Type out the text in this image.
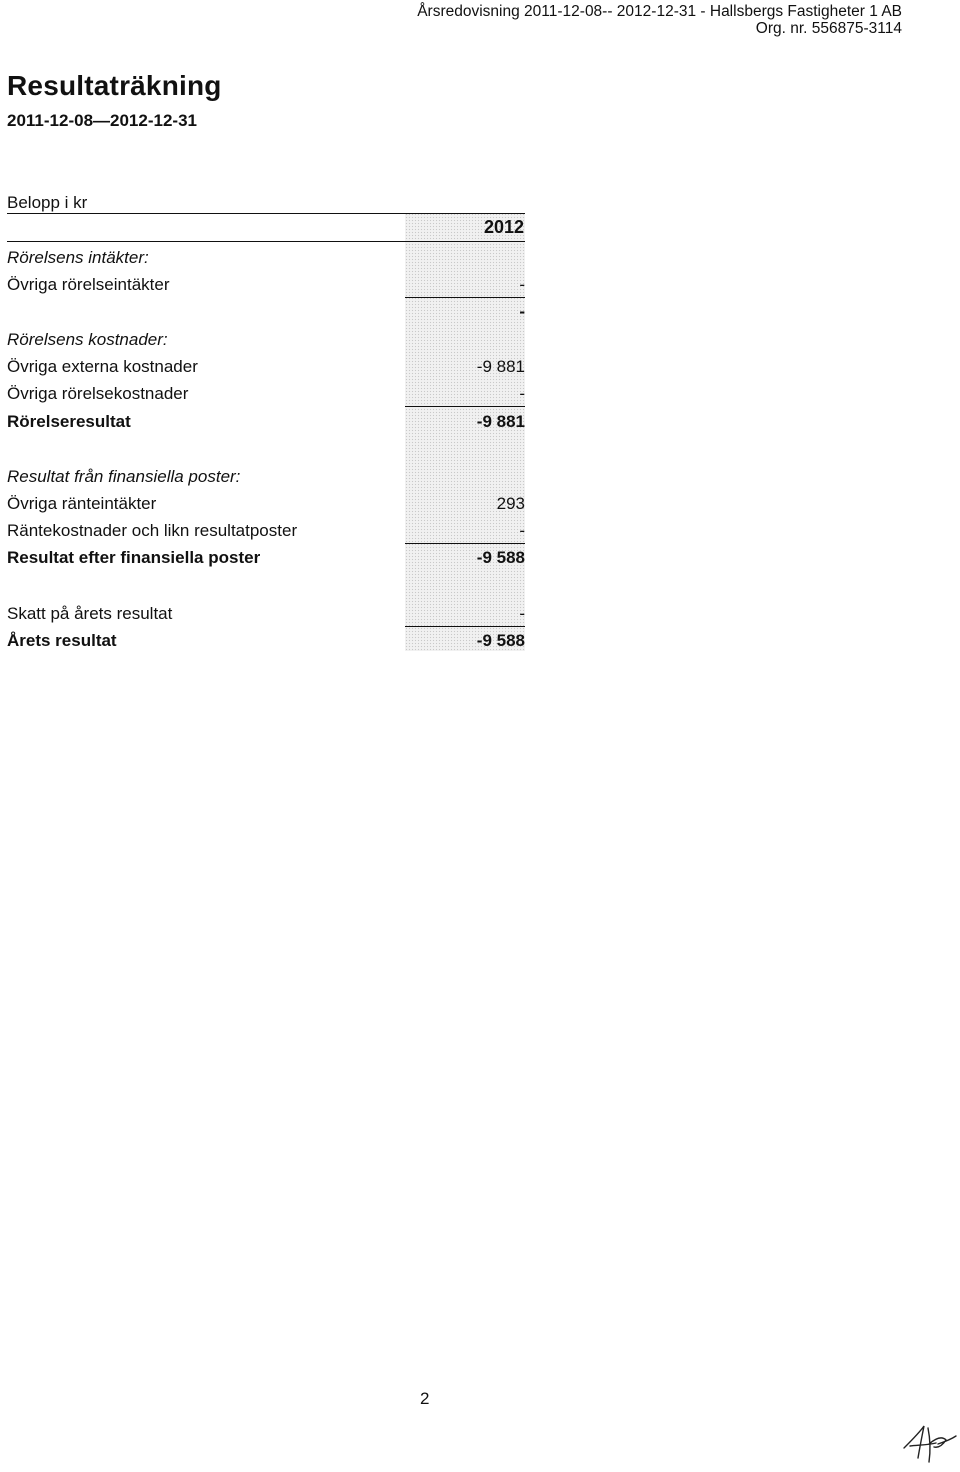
Årsredovisning 2011-12-08-- 2012-12-31 - Hallsbergs Fastigheter 1 AB
Org. nr. 556875-3114
Resultaträkning
2011-12-08—2012-12-31
Belopp i kr
2012
Rörelsens intäkter:
Övriga rörelseintäkter	-
-
Rörelsens kostnader:
Övriga externa kostnader	-9 881
Övriga rörelsekostnader	-
Rörelseresultat	-9 881
Resultat från finansiella poster:
Övriga ränteintäkter	293
Räntekostnader och likn resultatposter	-
Resultat efter finansiella poster	-9 588
Skatt på årets resultat	-
Årets resultat	-9 588
2
